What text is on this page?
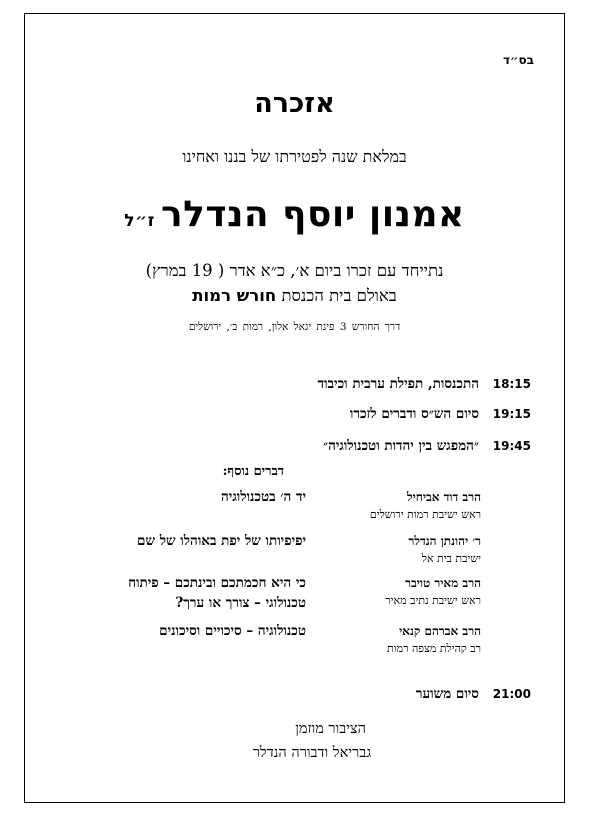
בס״ד
אזכרה
במלאת שנה לפטירתו של בננו ואחינו
אמנון יוסף הנדלרז״ל
נתייחד עם זכרו ביום א׳, כ״א אדר ( 19 במרץ)
באולם בית הכנסת חורש רמות
דרך החורש 3 פינת יגאל אלון, רמות ב׳, ירושלים
18:15
התכנסות, תפילת ערבית וכיבוד
19:15
סיום הש״ס ודברים לזכרו
19:45
״המפגש בין יהדות וטכנולוגיה״
דברים נוסף:
הרב דוד אביחיל
ראש ישיבת רמות ירושלים
יד ה׳ בטכנולוגיה
ר׳ יהונתן הנדלר
ישיבת בית אל
יפיפיותו של יפת באוהלו של שם
הרב מאיר טויבר
ראש ישיבת נתיב מאיר
כי היא חכמתכם ובינתכם – פיתוח
טכנולוגי – צורך או ערך?
הרב אברהם קנאי
רב קהילת מצפה רמות
טכנולוגיה – סיכויים וסיכונים
21:00
סיום משוער
הציבור מוזמן
גבריאל ודבורה הנדלר
